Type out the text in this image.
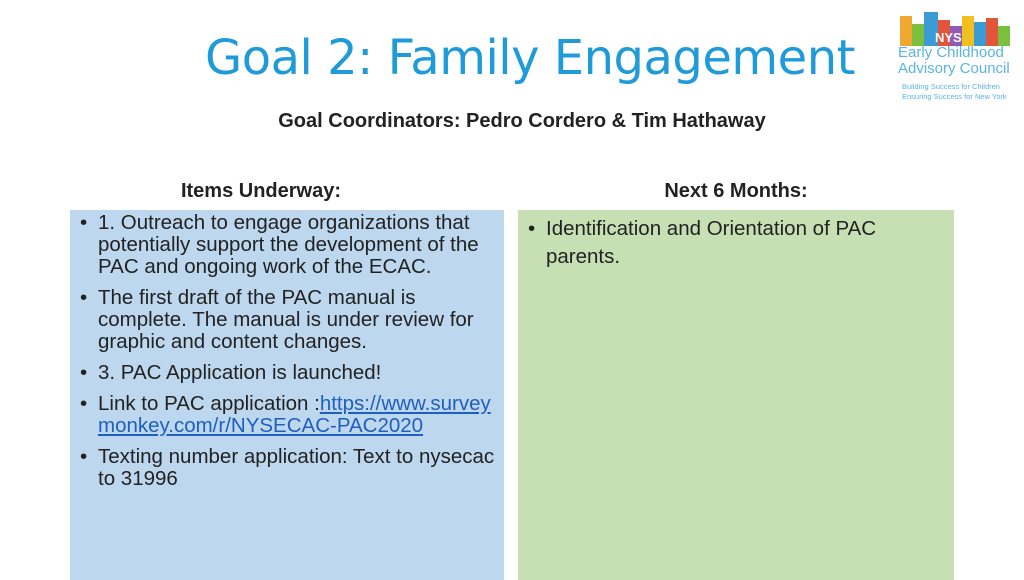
Goal 2: Family Engagement
Goal Coordinators: Pedro Cordero & Tim Hathaway
NYS
Early Childhood
Advisory Council
Building Success for Children
Ensuring Success for New York
Items Underway:	Next 6 Months:
• 1. Outreach to engage organizations that potentially support the development of the PAC and ongoing work of the ECAC.
• The first draft of the PAC manual is complete. The manual is under review for graphic and content changes.
• 3. PAC Application is launched!
• Link to PAC application :https://www.surveymonkey.com/r/NYSECAC-PAC2020
• Texting number application: Text to nysecac to 31996
• Identification and Orientation of PAC parents.
